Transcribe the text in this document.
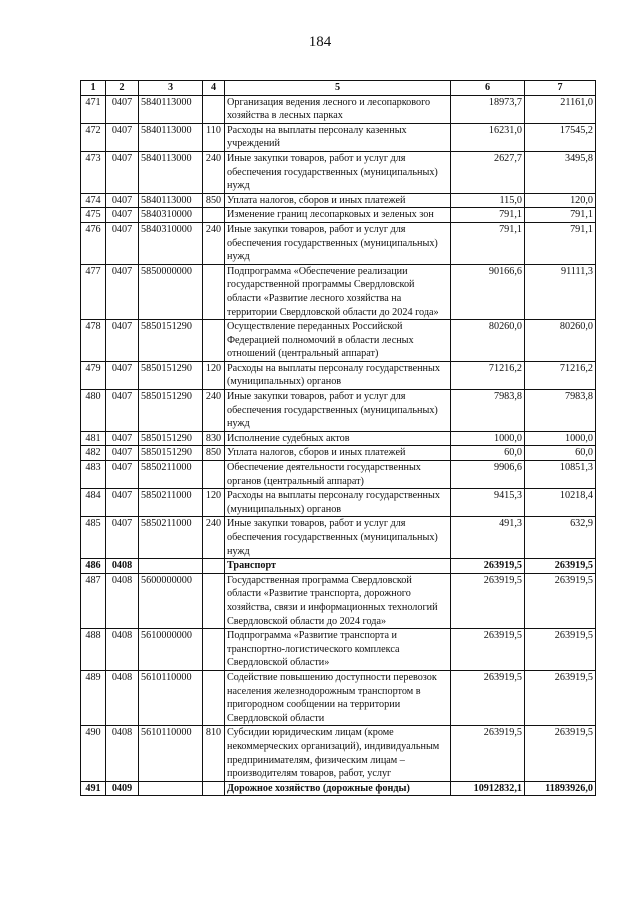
184
1	2	3	4	5	6	7
471	0407	5840113000		Организация ведения лесного и лесопаркового хозяйства в лесных парках	18973,7	21161,0
472	0407	5840113000	110	Расходы на выплаты персоналу казенных учреждений	16231,0	17545,2
473	0407	5840113000	240	Иные закупки товаров, работ и услуг для обеспечения государственных (муниципальных) нужд	2627,7	3495,8
474	0407	5840113000	850	Уплата налогов, сборов и иных платежей	115,0	120,0
475	0407	5840310000		Изменение границ лесопарковых и зеленых зон	791,1	791,1
476	0407	5840310000	240	Иные закупки товаров, работ и услуг для обеспечения государственных (муниципальных) нужд	791,1	791,1
477	0407	5850000000		Подпрограмма «Обеспечение реализации государственной программы Свердловской области «Развитие лесного хозяйства на территории Свердловской области до 2024 года»	90166,6	91111,3
478	0407	5850151290		Осуществление переданных Российской Федерацией полномочий в области лесных отношений (центральный аппарат)	80260,0	80260,0
479	0407	5850151290	120	Расходы на выплаты персоналу государственных (муниципальных) органов	71216,2	71216,2
480	0407	5850151290	240	Иные закупки товаров, работ и услуг для обеспечения государственных (муниципальных) нужд	7983,8	7983,8
481	0407	5850151290	830	Исполнение судебных актов	1000,0	1000,0
482	0407	5850151290	850	Уплата налогов, сборов и иных платежей	60,0	60,0
483	0407	5850211000		Обеспечение деятельности государственных органов (центральный аппарат)	9906,6	10851,3
484	0407	5850211000	120	Расходы на выплаты персоналу государственных (муниципальных) органов	9415,3	10218,4
485	0407	5850211000	240	Иные закупки товаров, работ и услуг для обеспечения государственных (муниципальных) нужд	491,3	632,9
486	0408			Транспорт	263919,5	263919,5
487	0408	5600000000		Государственная программа Свердловской области «Развитие транспорта, дорожного хозяйства, связи и информационных технологий Свердловской области до 2024 года»	263919,5	263919,5
488	0408	5610000000		Подпрограмма «Развитие транспорта и транспортно-логистического комплекса Свердловской области»	263919,5	263919,5
489	0408	5610110000		Содействие повышению доступности перевозок населения железнодорожным транспортом в пригородном сообщении на территории Свердловской области	263919,5	263919,5
490	0408	5610110000	810	Субсидии юридическим лицам (кроме некоммерческих организаций), индивидуальным предпринимателям, физическим лицам – производителям товаров, работ, услуг	263919,5	263919,5
491	0409			Дорожное хозяйство (дорожные фонды)	10912832,1	11893926,0
